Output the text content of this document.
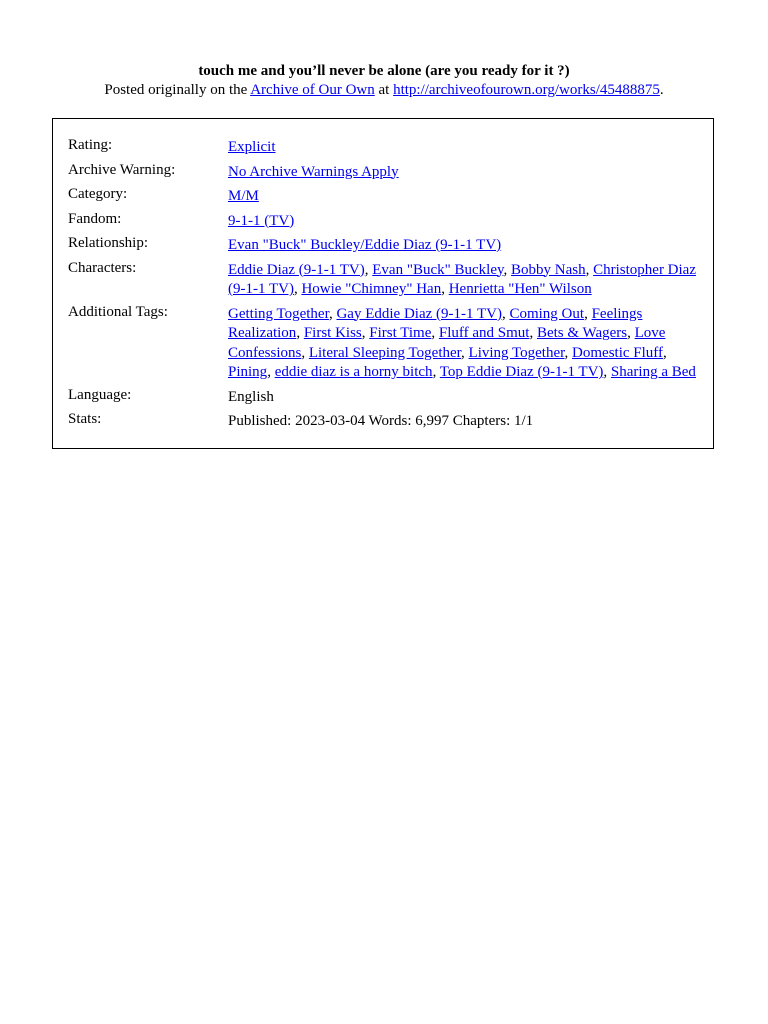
touch me and you’ll never be alone (are you ready for it ?)
Posted originally on the Archive of Our Own at http://archiveofourown.org/works/45488875.
Rating:	Explicit
Archive Warning:	No Archive Warnings Apply
Category:	M/M
Fandom:	9-1-1 (TV)
Relationship:	Evan "Buck" Buckley/Eddie Diaz (9-1-1 TV)
Characters:	Eddie Diaz (9-1-1 TV), Evan "Buck" Buckley, Bobby Nash, Christopher Diaz (9-1-1 TV), Howie "Chimney" Han, Henrietta "Hen" Wilson
Additional Tags:	Getting Together, Gay Eddie Diaz (9-1-1 TV), Coming Out, Feelings Realization, First Kiss, First Time, Fluff and Smut, Bets & Wagers, Love Confessions, Literal Sleeping Together, Living Together, Domestic Fluff, Pining, eddie diaz is a horny bitch, Top Eddie Diaz (9-1-1 TV), Sharing a Bed
Language:	English
Stats:	Published: 2023-03-04 Words: 6,997 Chapters: 1/1
